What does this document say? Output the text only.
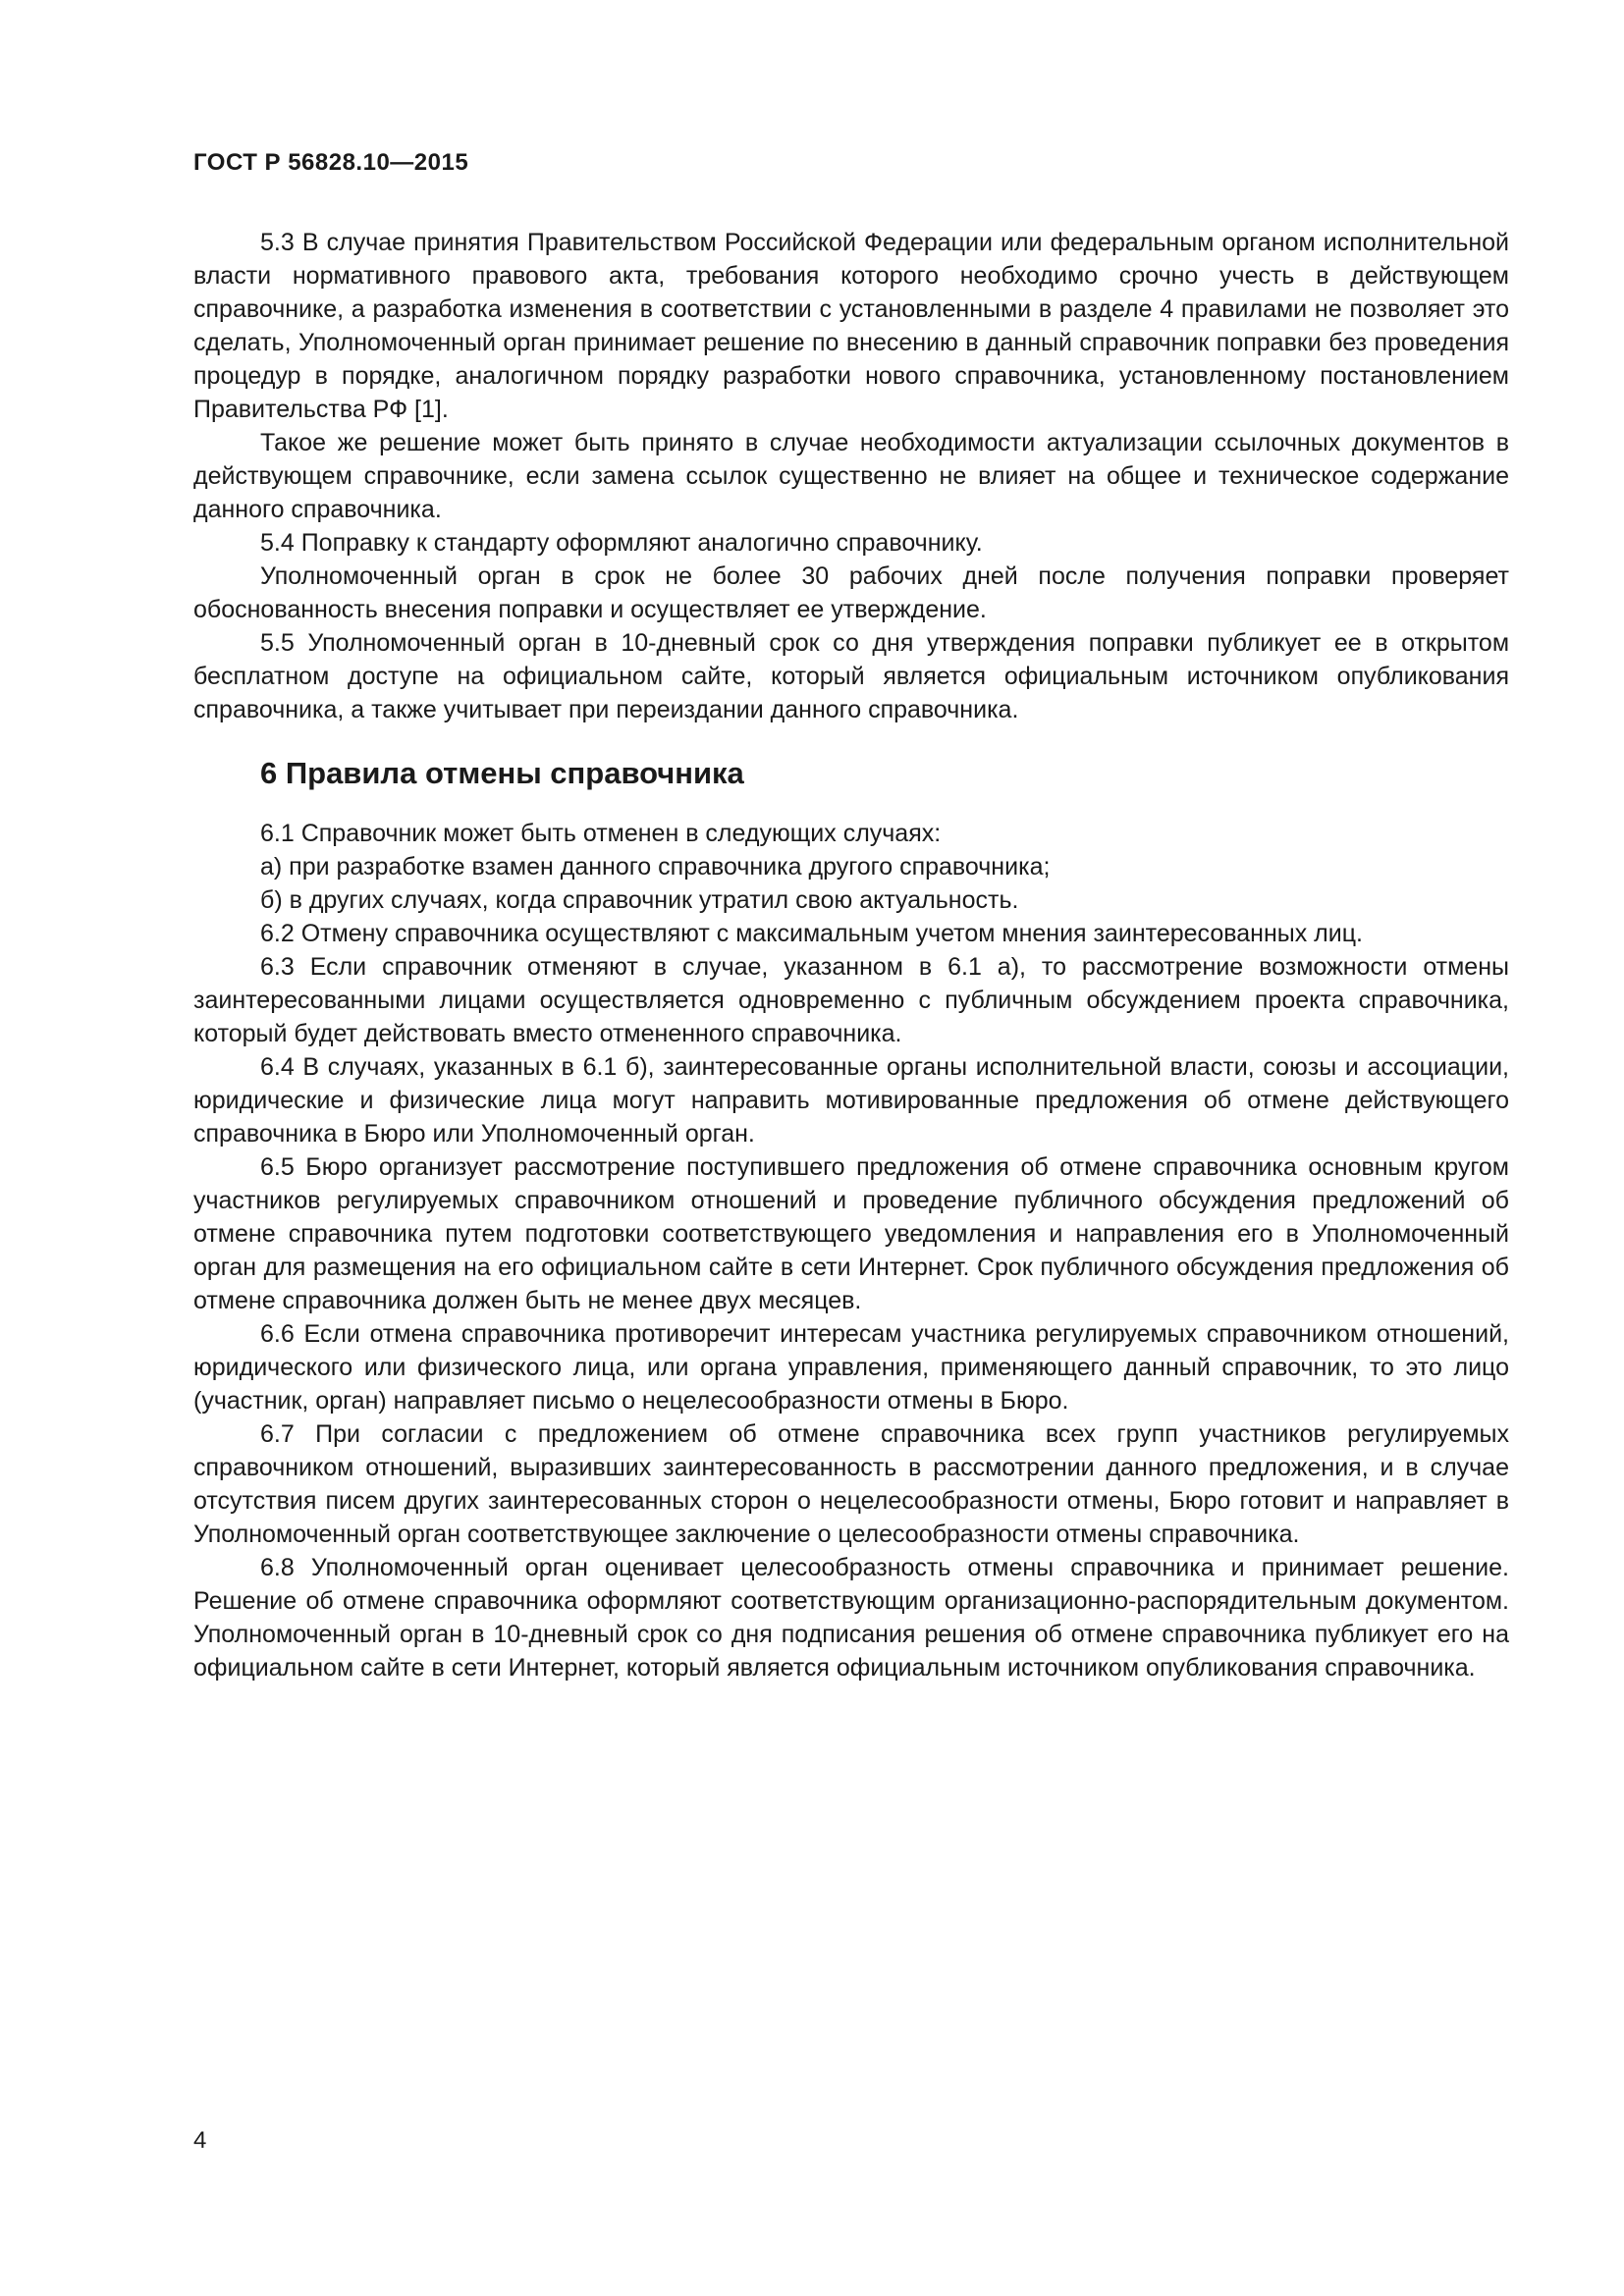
ГОСТ Р 56828.10—2015

5.3 В случае принятия Правительством Российской Федерации или федеральным органом исполнительной власти нормативного правового акта, требования которого необходимо срочно учесть в действующем справочнике, а разработка изменения в соответствии с установленными в разделе 4 правилами не позволяет это сделать, Уполномоченный орган принимает решение по внесению в данный справочник поправки без проведения процедур в порядке, аналогичном порядку разработки нового справочника, установленному постановлением Правительства РФ [1].

Такое же решение может быть принято в случае необходимости актуализации ссылочных документов в действующем справочнике, если замена ссылок существенно не влияет на общее и техническое содержание данного справочника.

5.4 Поправку к стандарту оформляют аналогично справочнику.

Уполномоченный орган в срок не более 30 рабочих дней после получения поправки проверяет обоснованность внесения поправки и осуществляет ее утверждение.

5.5 Уполномоченный орган в 10-дневный срок со дня утверждения поправки публикует ее в открытом бесплатном доступе на официальном сайте, который является официальным источником опубликования справочника, а также учитывает при переиздании данного справочника.

6 Правила отмены справочника

6.1 Справочник может быть отменен в следующих случаях:

а) при разработке взамен данного справочника другого справочника;

б) в других случаях, когда справочник утратил свою актуальность.

6.2 Отмену справочника осуществляют с максимальным учетом мнения заинтересованных лиц.

6.3 Если справочник отменяют в случае, указанном в 6.1 а), то рассмотрение возможности отмены заинтересованными лицами осуществляется одновременно с публичным обсуждением проекта справочника, который будет действовать вместо отмененного справочника.

6.4 В случаях, указанных в 6.1 б), заинтересованные органы исполнительной власти, союзы и ассоциации, юридические и физические лица могут направить мотивированные предложения об отмене действующего справочника в Бюро или Уполномоченный орган.

6.5 Бюро организует рассмотрение поступившего предложения об отмене справочника основным кругом участников регулируемых справочником отношений и проведение публичного обсуждения предложений об отмене справочника путем подготовки соответствующего уведомления и направления его в Уполномоченный орган для размещения на его официальном сайте в сети Интернет. Срок публичного обсуждения предложения об отмене справочника должен быть не менее двух месяцев.

6.6 Если отмена справочника противоречит интересам участника регулируемых справочником отношений, юридического или физического лица, или органа управления, применяющего данный справочник, то это лицо (участник, орган) направляет письмо о нецелесообразности отмены в Бюро.

6.7 При согласии с предложением об отмене справочника всех групп участников регулируемых справочником отношений, выразивших заинтересованность в рассмотрении данного предложения, и в случае отсутствия писем других заинтересованных сторон о нецелесообразности отмены, Бюро готовит и направляет в Уполномоченный орган соответствующее заключение о целесообразности отмены справочника.

6.8 Уполномоченный орган оценивает целесообразность отмены справочника и принимает решение. Решение об отмене справочника оформляют соответствующим организационно-распорядительным документом. Уполномоченный орган в 10-дневный срок со дня подписания решения об отмене справочника публикует его на официальном сайте в сети Интернет, который является официальным источником опубликования справочника.

4
